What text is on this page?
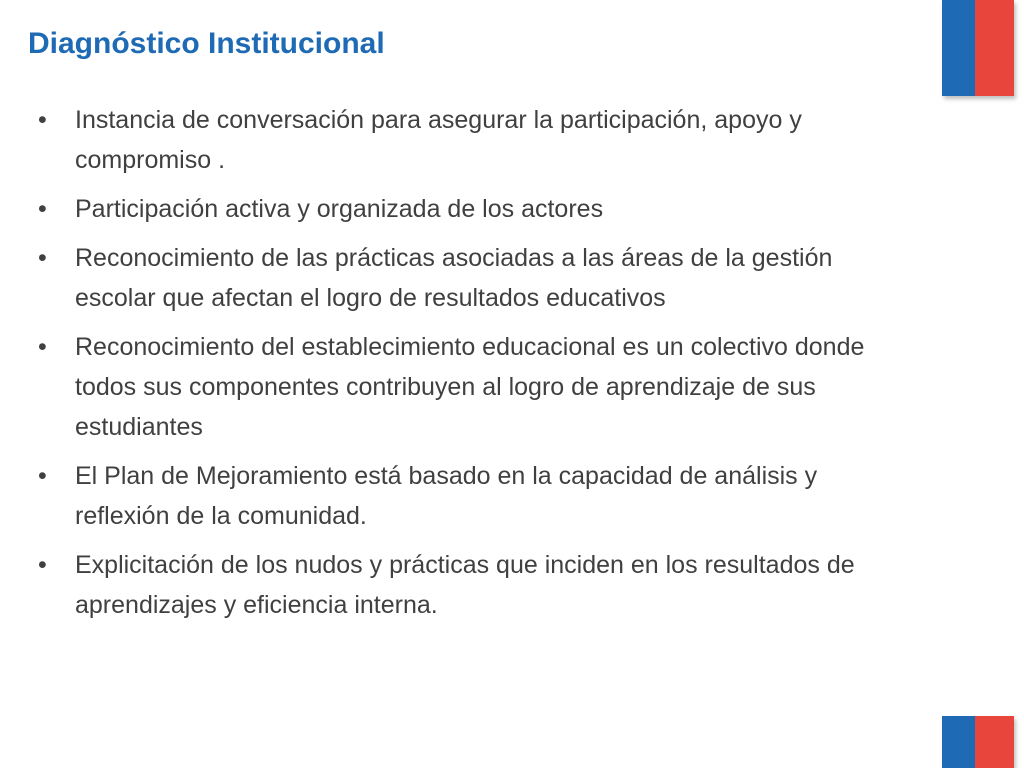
Diagnóstico Institucional
•	Instancia de conversación para asegurar la participación, apoyo y compromiso .
•	Participación activa y organizada de los actores
•	Reconocimiento de las prácticas asociadas a las áreas de la gestión escolar que afectan el logro de resultados educativos
•	Reconocimiento del establecimiento educacional es un colectivo donde todos sus componentes contribuyen al logro de aprendizaje de sus estudiantes
•	El Plan de Mejoramiento está basado en la capacidad de análisis y reflexión de la comunidad.
•	Explicitación de los nudos y prácticas que inciden en los resultados de aprendizajes y eficiencia interna.
